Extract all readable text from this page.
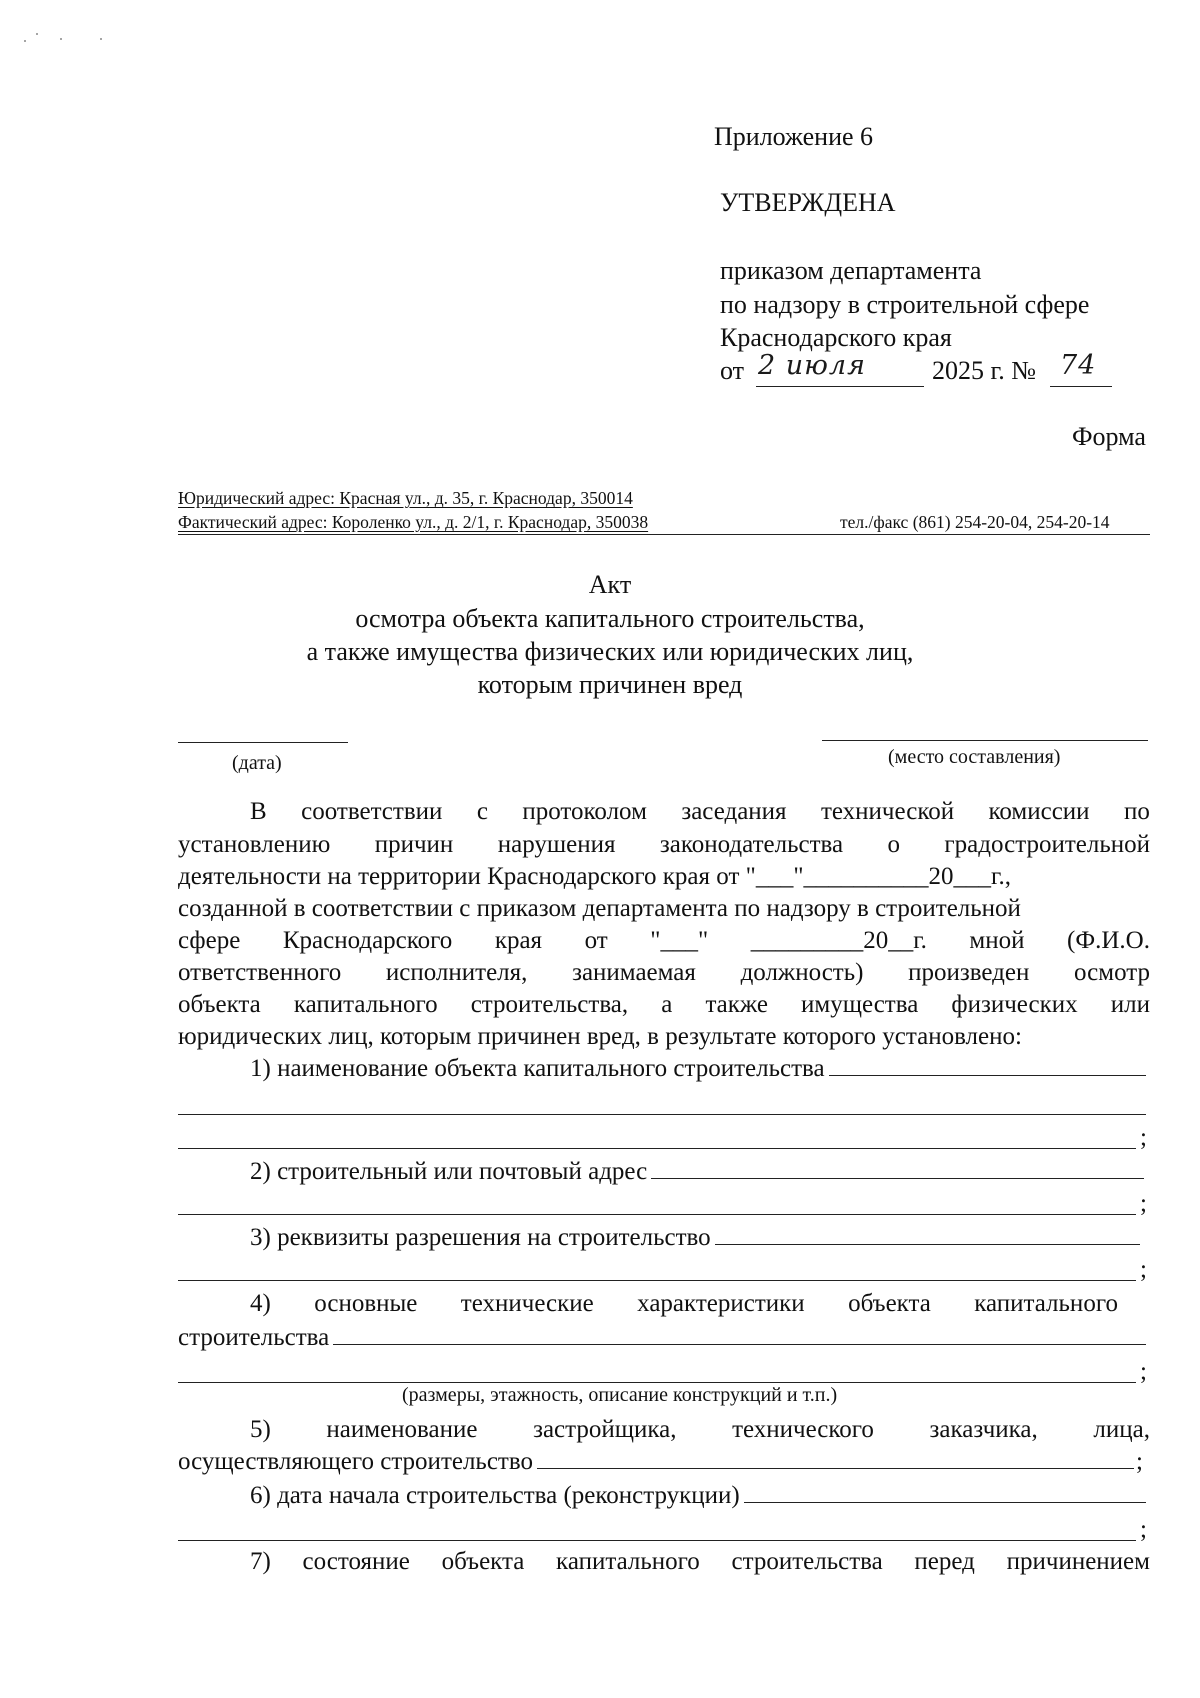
Приложение 6
УТВЕРЖДЕНА
приказом департамента
по надзору в строительной сфере
Краснодарского края
от 2 июля	2025 г. № 74
Форма
Юридический адрес: Красная ул., д. 35, г. Краснодар, 350014
Фактический адрес: Короленко ул., д. 2/1, г. Краснодар, 350038	тел./факс (861) 254-20-04, 254-20-14
Акт
осмотра объекта капитального строительства,
а также имущества физических или юридических лиц,
которым причинен вред
(дата)	(место составления)
В соответствии с протоколом заседания технической комиссии по
установлению причин нарушения законодательства о градостроительной
деятельности на территории Краснодарского края от "___"__________20___г.,
созданной в соответствии с приказом департамента по надзору в строительной
сфере Краснодарского края от "___" _________20__г. мной (Ф.И.О.
ответственного исполнителя, занимаемая должность) произведен осмотр
объекта капитального строительства, а также имущества физических или
юридических лиц, которым причинен вред, в результате которого установлено:
1) наименование объекта капитального строительства
;
2) строительный или почтовый адрес
;
3) реквизиты разрешения на строительство
;
4) основные технические характеристики объекта капитального
строительства
;
(размеры, этажность, описание конструкций и т.п.)
5) наименование застройщика, технического заказчика, лица,
осуществляющего строительство	;
6) дата начала строительства (реконструкции)
;
7) состояние объекта капитального строительства перед причинением
